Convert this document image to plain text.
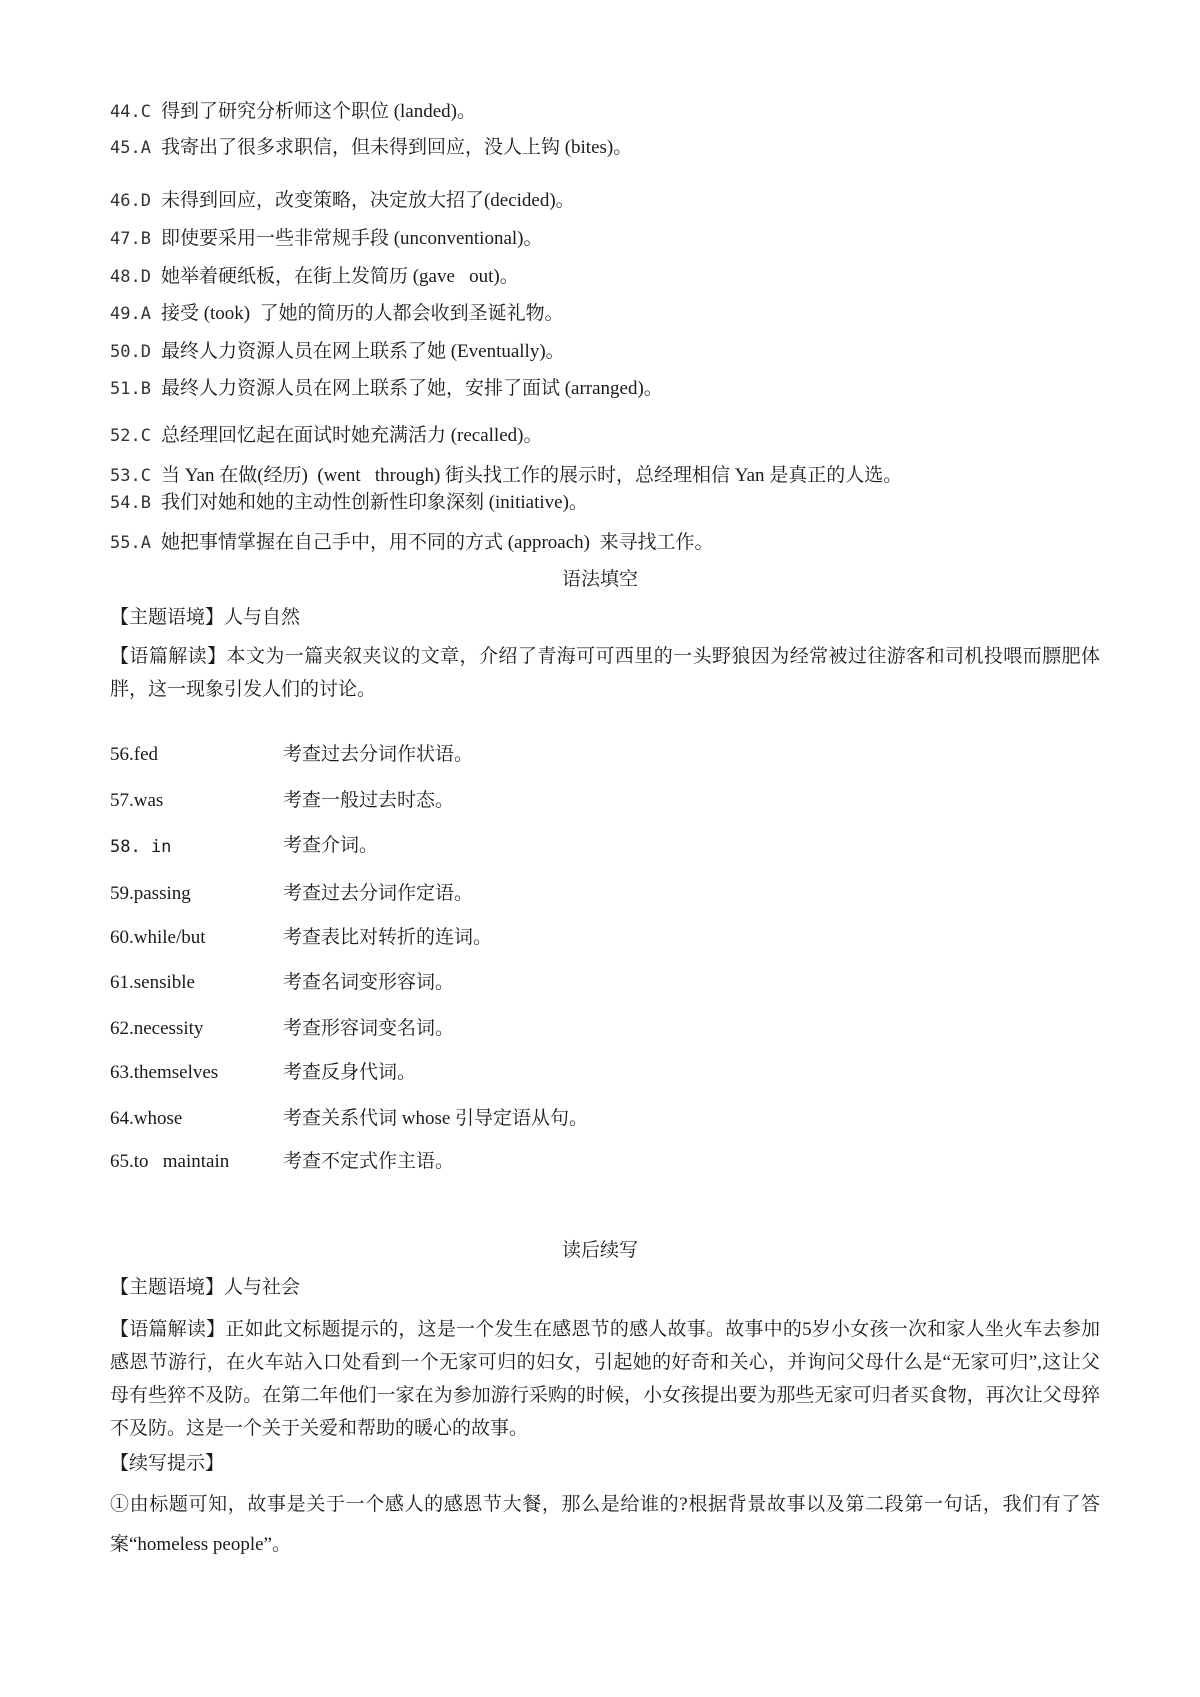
44.C 得到了研究分析师这个职位 (landed)。
45.A 我寄出了很多求职信，但未得到回应，没人上钩 (bites)。
46.D 未得到回应，改变策略，决定放大招了(decided)。
47.B 即使要采用一些非常规手段 (unconventional)。
48.D 她举着硬纸板，在街上发简历 (gave   out)。
49.A 接受 (took)  了她的简历的人都会收到圣诞礼物。
50.D 最终人力资源人员在网上联系了她 (Eventually)。
51.B 最终人力资源人员在网上联系了她，安排了面试 (arranged)。
52.C 总经理回忆起在面试时她充满活力 (recalled)。
53.C 当 Yan 在做(经历)  (went   through) 街头找工作的展示时，总经理相信 Yan 是真正的人选。
54.B 我们对她和她的主动性创新性印象深刻 (initiative)。
55.A 她把事情掌握在自己手中，用不同的方式 (approach)  来寻找工作。
语法填空
【主题语境】人与自然
【语篇解读】本文为一篇夹叙夹议的文章，介绍了青海可可西里的一头野狼因为经常被过往游客和司机投喂而膘肥体胖，这一现象引发人们的讨论。
56.fed	考查过去分词作状语。
57.was	考查一般过去时态。
58. in	考查介词。
59.passing	考查过去分词作定语。
60.while/but	考查表比对转折的连词。
61.sensible	考查名词变形容词。
62.necessity	考查形容词变名词。
63.themselves	考查反身代词。
64.whose	考查关系代词 whose 引导定语从句。
65.to   maintain	考查不定式作主语。
读后续写
【主题语境】人与社会
【语篇解读】正如此文标题提示的，这是一个发生在感恩节的感人故事。故事中的5岁小女孩一次和家人坐火车去参加感恩节游行，在火车站入口处看到一个无家可归的妇女，引起她的好奇和关心，并询问父母什么是“无家可归”,这让父母有些猝不及防。在第二年他们一家在为参加游行采购的时候，小女孩提出要为那些无家可归者买食物，再次让父母猝不及防。这是一个关于关爱和帮助的暖心的故事。
【续写提示】
①由标题可知，故事是关于一个感人的感恩节大餐，那么是给谁的?根据背景故事以及第二段第一句话，我们有了答案“homeless people”。
